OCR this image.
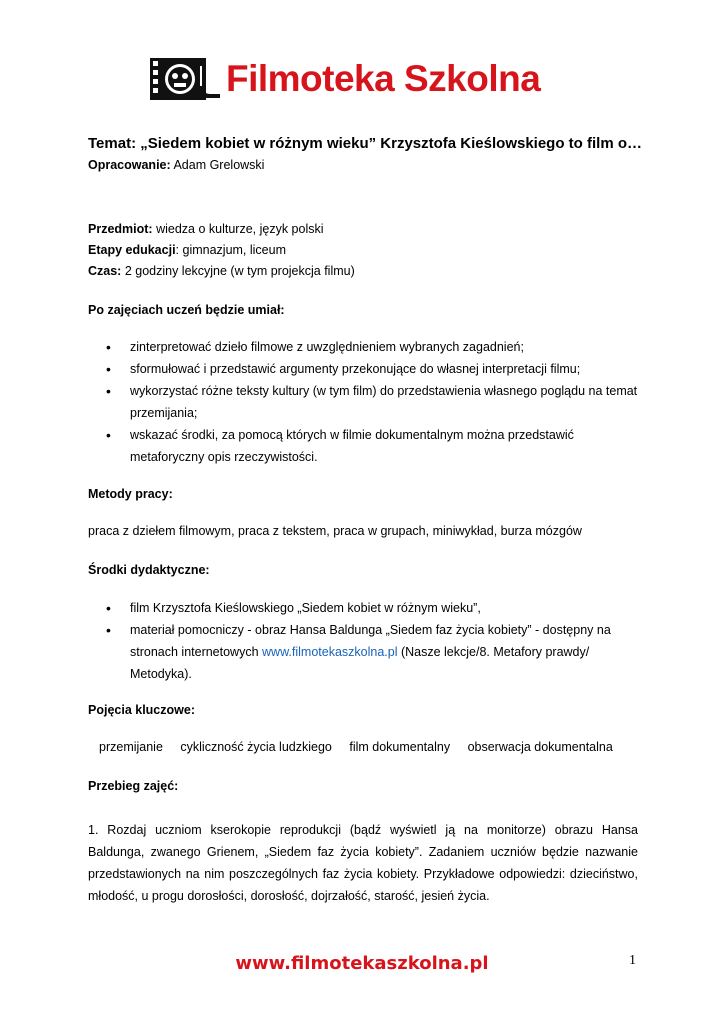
Filmoteka Szkolna
Temat: „Siedem kobiet w różnym wieku” Krzysztofa Kieślowskiego to film o…
Opracowanie: Adam Grelowski
Przedmiot: wiedza o kulturze, język polski
Etapy edukacji: gimnazjum, liceum
Czas: 2 godziny lekcyjne (w tym projekcja filmu)
Po zajęciach uczeń będzie umiał:
• zinterpretować dzieło filmowe z uwzględnieniem wybranych zagadnień;
• sformułować i przedstawić argumenty przekonujące do własnej interpretacji filmu;
• wykorzystać różne teksty kultury (w tym film) do przedstawienia własnego poglądu na temat przemijania;
• wskazać środki, za pomocą których w filmie dokumentalnym można przedstawić metaforyczny opis rzeczywistości.
Metody pracy:
praca z dziełem filmowym, praca z tekstem, praca w grupach, miniwykład, burza mózgów
Środki dydaktyczne:
• film Krzysztofa Kieślowskiego „Siedem kobiet w różnym wieku”,
• materiał pomocniczy - obraz Hansa Baldunga „Siedem faz życia kobiety” - dostępny na stronach internetowych www.filmotekaszkolna.pl (Nasze lekcje/8. Metafory prawdy/ Metodyka).
Pojęcia kluczowe:
przemijanie cykliczność życia ludzkiego film dokumentalny obserwacja dokumentalna
Przebieg zajęć:
1. Rozdaj uczniom kserokopie reprodukcji (bądź wyświetl ją na monitorze) obrazu Hansa Baldunga, zwanego Grienem, „Siedem faz życia kobiety”. Zadaniem uczniów będzie nazwanie przedstawionych na nim poszczególnych faz życia kobiety. Przykładowe odpowiedzi: dzieciństwo, młodość, u progu dorosłości, dorosłość, dojrzałość, starość, jesień życia.
www.filmotekaszkolna.pl	1
